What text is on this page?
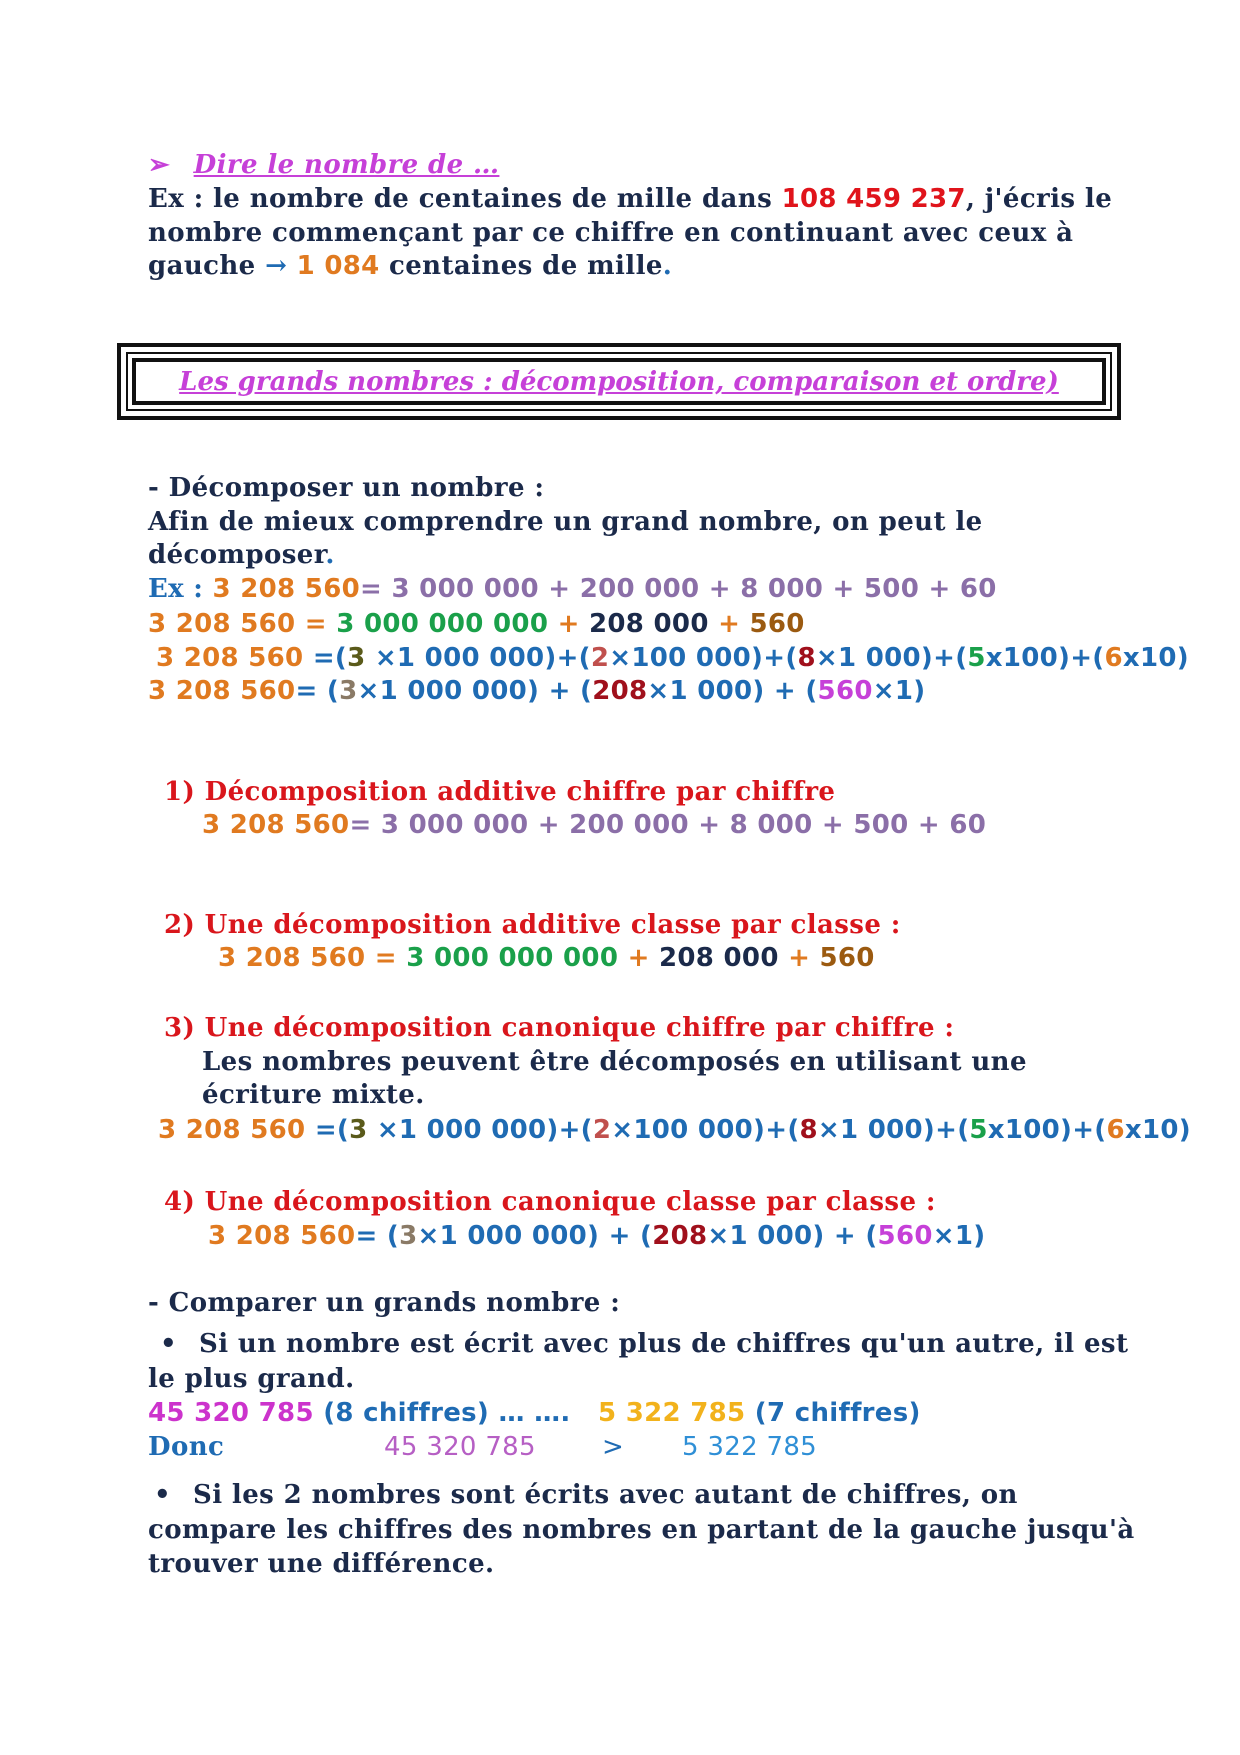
➢ Dire le nombre de …
Ex : le nombre de centaines de mille dans 108 459 237, j'écris le
nombre commençant par ce chiffre en continuant avec ceux à
gauche → 1 084 centaines de mille.
Les grands nombres : décomposition, comparaison et ordre)
- Décomposer un nombre :
Afin de mieux comprendre un grand nombre, on peut le
décomposer.
Ex : 3 208 560= 3 000 000 + 200 000 + 8 000 + 500 + 60
3 208 560 = 3 000 000 000 + 208 000 + 560
3 208 560 =(3 ×1 000 000)+(2×100 000)+(8×1 000)+(5x100)+(6x10)
3 208 560= (3×1 000 000) + (208×1 000) + (560×1)
1) Décomposition additive chiffre par chiffre
3 208 560= 3 000 000 + 200 000 + 8 000 + 500 + 60
2) Une décomposition additive classe par classe :
3 208 560 = 3 000 000 000 + 208 000 + 560
3) Une décomposition canonique chiffre par chiffre :
Les nombres peuvent être décomposés en utilisant une
écriture mixte.
3 208 560 =(3 ×1 000 000)+(2×100 000)+(8×1 000)+(5x100)+(6x10)
4) Une décomposition canonique classe par classe :
3 208 560= (3×1 000 000) + (208×1 000) + (560×1)
- Comparer un grands nombre :
• Si un nombre est écrit avec plus de chiffres qu'un autre, il est
le plus grand.
45 320 785 (8 chiffres) … …. 5 322 785 (7 chiffres)
Donc	45 320 785	> 5 322 785
• Si les 2 nombres sont écrits avec autant de chiffres, on
compare les chiffres des nombres en partant de la gauche jusqu'à
trouver une différence.
